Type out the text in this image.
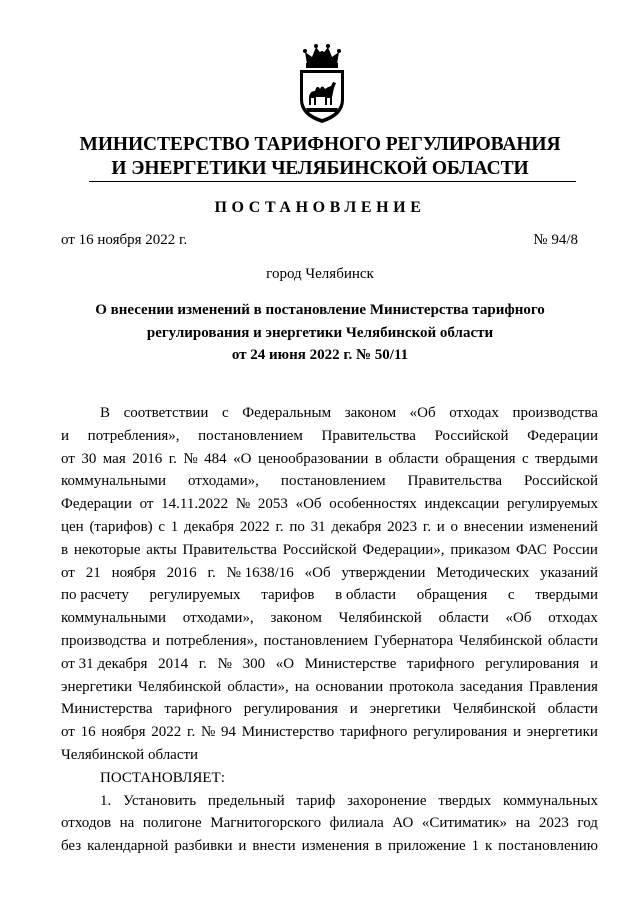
МИНИСТЕРСТВО ТАРИФНОГО РЕГУЛИРОВАНИЯ
И ЭНЕРГЕТИКИ ЧЕЛЯБИНСКОЙ ОБЛАСТИ
ПОСТАНОВЛЕНИЕ
от 16 ноября 2022 г.	№ 94/8
город Челябинск
О внесении изменений в постановление Министерства тарифного
регулирования и энергетики Челябинской области
от 24 июня 2022 г. № 50/11
В соответствии с Федеральным законом «Об отходах производства
и потребления», постановлением Правительства Российской Федерации
от 30 мая 2016 г. № 484 «О ценообразовании в области обращения с твердыми
коммунальными отходами», постановлением Правительства Российской
Федерации от 14.11.2022 № 2053 «Об особенностях индексации регулируемых
цен (тарифов) с 1 декабря 2022 г. по 31 декабря 2023 г. и о внесении изменений
в некоторые акты Правительства Российской Федерации», приказом ФАС России
от 21 ноября 2016 г. № 1638/16 «Об утверждении Методических указаний
по расчету регулируемых тарифов в области обращения с твердыми
коммунальными отходами», законом Челябинской области «Об отходах
производства и потребления», постановлением Губернатора Челябинской области
от 31 декабря 2014 г. № 300 «О Министерстве тарифного регулирования и
энергетики Челябинской области», на основании протокола заседания Правления
Министерства тарифного регулирования и энергетики Челябинской области
от 16 ноября 2022 г. № 94 Министерство тарифного регулирования и энергетики
Челябинской области
ПОСТАНОВЛЯЕТ:
1. Установить предельный тариф захоронение твердых коммунальных
отходов на полигоне Магнитогорского филиала АО «Ситиматик» на 2023 год
без календарной разбивки и внести изменения в приложение 1 к постановлению
